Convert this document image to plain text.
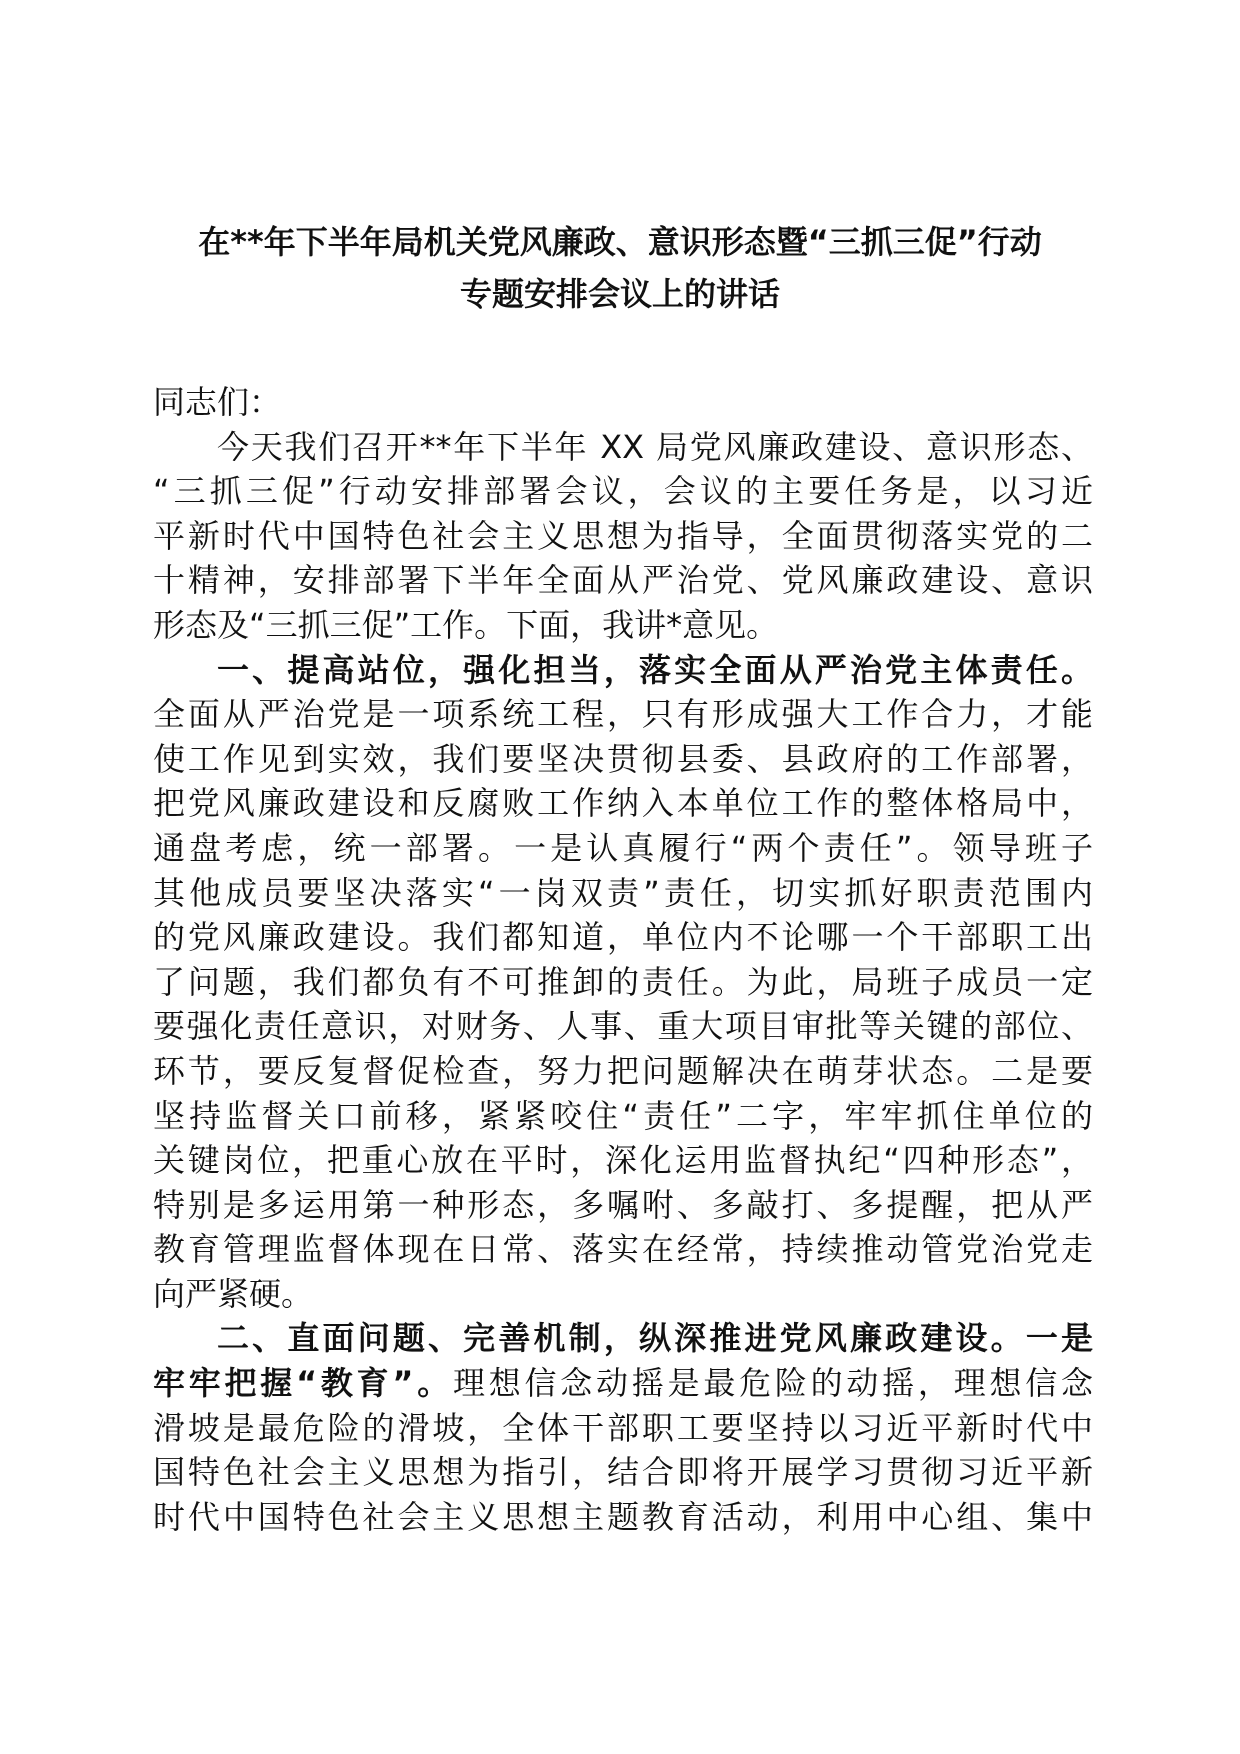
在**年下半年局机关党风廉政、意识形态暨“三抓三促”行动
专题安排会议上的讲话
同志们：
今天我们召开**年下半年 XX 局党风廉政建设、意识形态、
“三抓三促”行动安排部署会议，会议的主要任务是，以习近
平新时代中国特色社会主义思想为指导，全面贯彻落实党的二
十精神，安排部署下半年全面从严治党、党风廉政建设、意识
形态及“三抓三促”工作。下面，我讲*意见。
一、提高站位，强化担当，落实全面从严治党主体责任。
全面从严治党是一项系统工程，只有形成强大工作合力，才能
使工作见到实效，我们要坚决贯彻县委、县政府的工作部署，
把党风廉政建设和反腐败工作纳入本单位工作的整体格局中，
通盘考虑，统一部署。一是认真履行“两个责任”。领导班子
其他成员要坚决落实“一岗双责”责任，切实抓好职责范围内
的党风廉政建设。我们都知道，单位内不论哪一个干部职工出
了问题，我们都负有不可推卸的责任。为此，局班子成员一定
要强化责任意识，对财务、人事、重大项目审批等关键的部位、
环节，要反复督促检查，努力把问题解决在萌芽状态。二是要
坚持监督关口前移，紧紧咬住“责任”二字，牢牢抓住单位的
关键岗位，把重心放在平时，深化运用监督执纪“四种形态”，
特别是多运用第一种形态，多嘱咐、多敲打、多提醒，把从严
教育管理监督体现在日常、落实在经常，持续推动管党治党走
向严紧硬。
二、直面问题、完善机制，纵深推进党风廉政建设。一是
牢牢把握“教育”。理想信念动摇是最危险的动摇，理想信念
滑坡是最危险的滑坡，全体干部职工要坚持以习近平新时代中
国特色社会主义思想为指引，结合即将开展学习贯彻习近平新
时代中国特色社会主义思想主题教育活动，利用中心组、集中
